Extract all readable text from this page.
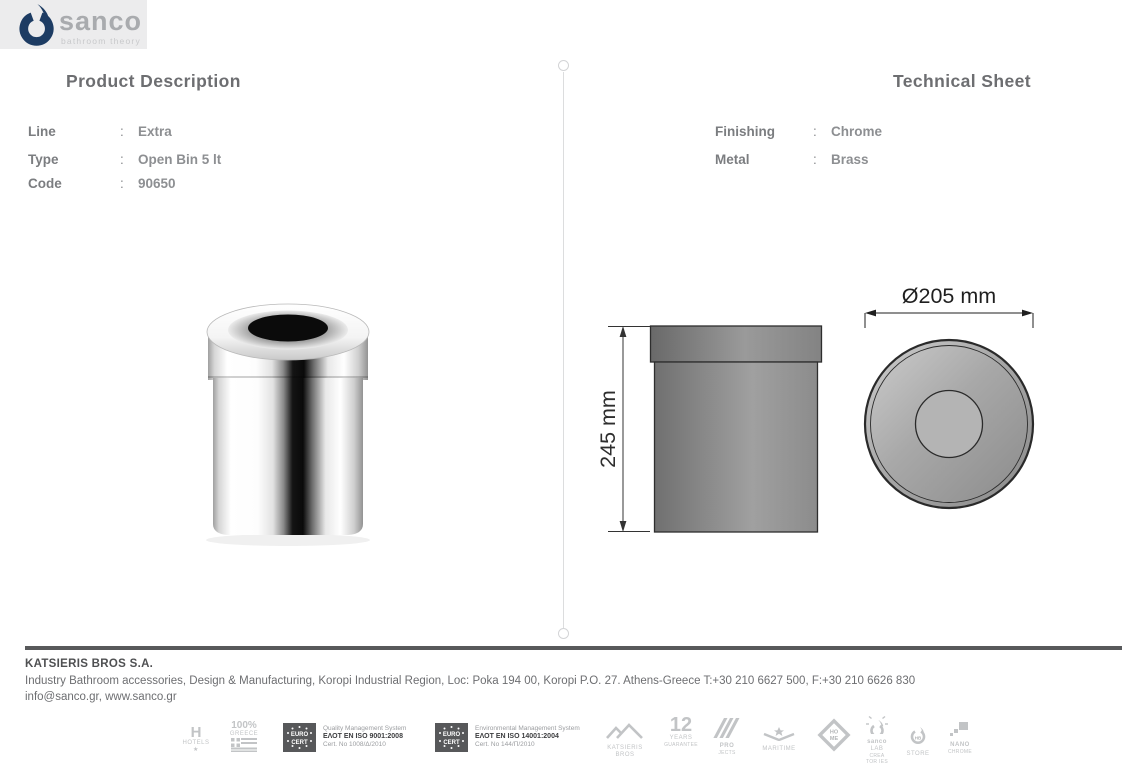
sanco
bathroom theory
Product Description	Technical Sheet
Line	: Extra
Type	: Open Bin 5 lt
Code	: 90650
Finishing	: Chrome
Metal	: Brass
245 mm
Ø205 mm
KATSIERIS BROS S.A.
Industry Bathroom accessories, Design & Manufacturing, Koropi Industrial Region, Loc: Poka 194 00, Koropi P.O. 27. Athens-Greece T:+30 210 6627 500, F:+30 210 6626 830
info@sanco.gr, www.sanco.gr
H
HOTELS
★
100%
GREECE	EURO
CERT
Quality Management System
ΕΛΟΤ EN ISO 9001:2008
Cert. No 1008/Δ/2010
EURO
CERT
Environmental Management System
ΕΛΟΤ EN ISO 14001:2004
Cert. No 144/Π/2010	KATSIERIS
BROS
12
YEARS
GUARANTEE	PRO
JECTS
MARITIME
HO
ME	sanco
LAB
CREA TOR IES
HB
STORE
NANO
CHROME
